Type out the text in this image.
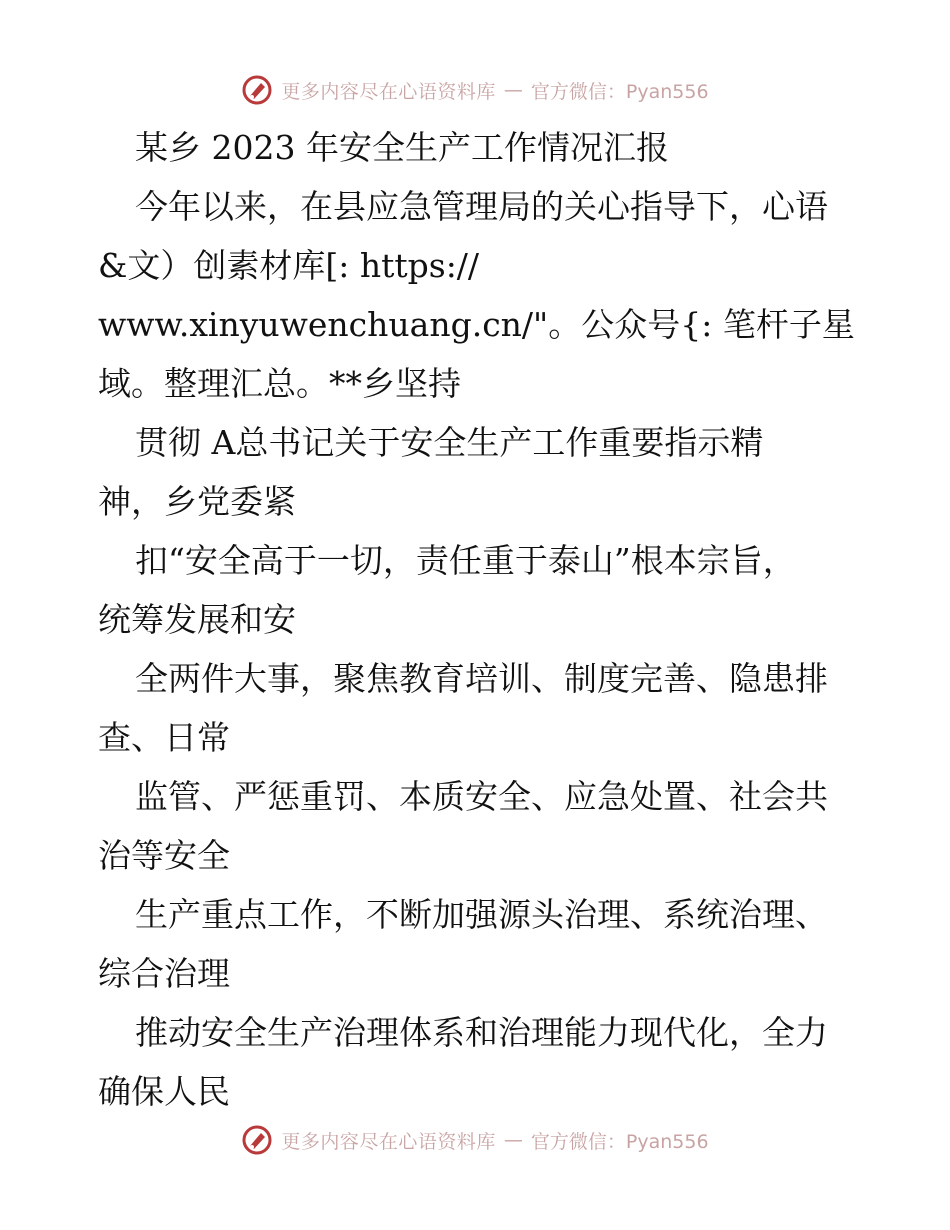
更多内容尽在心语资料库 — 官方微信：Pyan556
某乡 2023 年安全生产工作情况汇报
今年以来，在县应急管理局的关心指导下，心语
&文）创素材库[: https://
www.xinyuwenchuang.cn/"。公众号{: 笔杆子星
域。整理汇总。**乡坚持
贯彻 A总书记关于安全生产工作重要指示精
神，乡党委紧
扣“安全高于一切，责任重于泰山”根本宗旨，
统筹发展和安
全两件大事，聚焦教育培训、制度完善、隐患排
查、日常
监管、严惩重罚、本质安全、应急处置、社会共
治等安全
生产重点工作，不断加强源头治理、系统治理、
综合治理
推动安全生产治理体系和治理能力现代化，全力
确保人民
更多内容尽在心语资料库 — 官方微信：Pyan556
